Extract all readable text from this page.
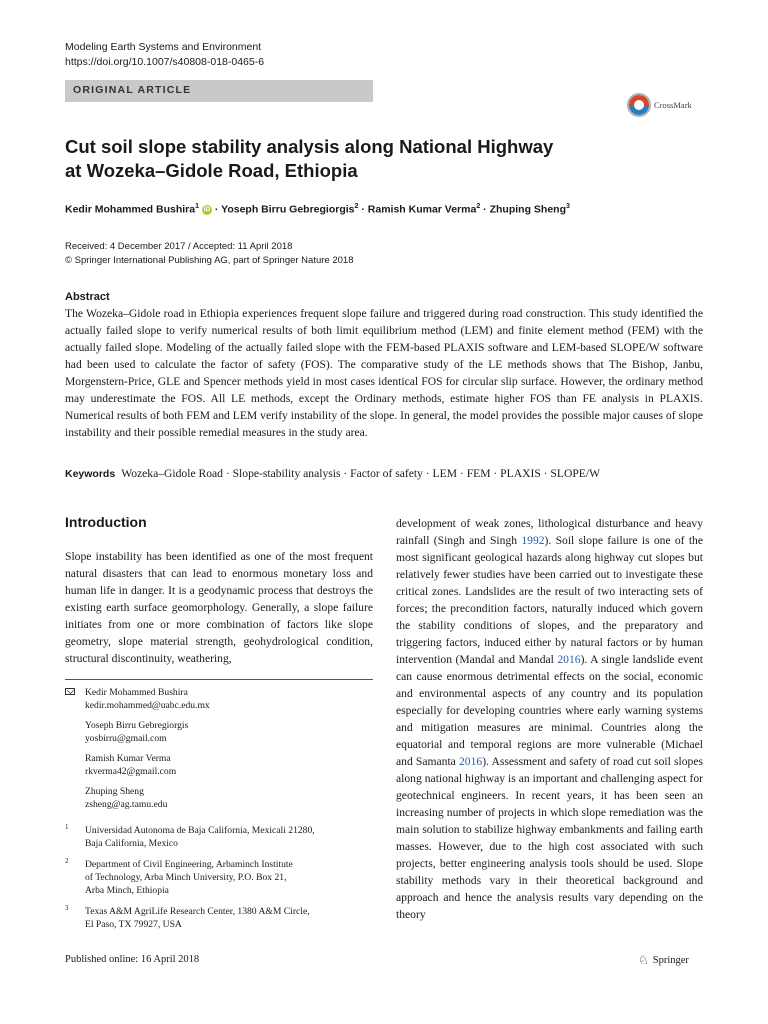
Modeling Earth Systems and Environment
https://doi.org/10.1007/s40808-018-0465-6
ORIGINAL ARTICLE
CrossMark
Cut soil slope stability analysis along National Highway
at Wozeka–Gidole Road, Ethiopia
Kedir Mohammed Bushira$^1$ iD · Yoseph Birru Gebregiorgis$^2$ · Ramish Kumar Verma$^2$ · Zhuping Sheng$^3$
Received: 4 December 2017 / Accepted: 11 April 2018
© Springer International Publishing AG, part of Springer Nature 2018
Abstract
The Wozeka–Gidole road in Ethiopia experiences frequent slope failure and triggered during road construction. This study identified the actually failed slope to verify numerical results of both limit equilibrium method (LEM) and finite element method (FEM) with the actually failed slope. Modeling of the actually failed slope with the FEM-based PLAXIS software and LEM-based SLOPE/W software had been used to calculate the factor of safety (FOS). The comparative study of the LE methods shows that The Bishop, Janbu, Morgenstern-Price, GLE and Spencer methods yield in most cases identical FOS for circular slip surface. However, the ordinary method may underestimate the FOS. All LE methods, except the Ordinary methods, estimate higher FOS than FE analysis in PLAXIS. Numerical results of both FEM and LEM verify instability of the slope. In general, the model provides the possible major causes of slope instability and their possible remedial measures in the study area.
Keywords Wozeka–Gidole Road · Slope-stability analysis · Factor of safety · LEM · FEM · PLAXIS · SLOPE/W
Introduction
Slope instability has been identified as one of the most frequent natural disasters that can lead to enormous monetary loss and human life in danger. It is a geodynamic process that destroys the existing earth surface geomorphology. Generally, a slope failure initiates from one or more combination of factors like slope geometry, slope material strength, geohydrological condition, structural discontinuity, weathering,
development of weak zones, lithological disturbance and heavy rainfall (Singh and Singh 1992). Soil slope failure is one of the most significant geological hazards along highway cut slopes but relatively fewer studies have been carried out to investigate these critical zones. Landslides are the result of two interacting sets of forces; the precondition factors, naturally induced which govern the stability conditions of slopes, and the preparatory and triggering factors, induced either by natural factors or by human intervention (Mandal and Mandal 2016). A single landslide event can cause enormous detrimental effects on the social, economic and environmental aspects of any country and its population especially for developing countries where early warning systems and mitigation measures are minimal. Countries along the equatorial and temporal regions are more vulnerable (Michael and Samanta 2016). Assessment and safety of road cut soil slopes along national highway is an important and challenging aspect for geotechnical engineers. In recent years, it has been seen an increasing number of projects in which slope remediation was the main solution to stabilize highway embankments and failing earth masses. However, due to the high cost associated with such projects, better engineering analysis tools should be used. Slope stability methods vary in their theoretical background and approach and hence the analysis results vary depending on the theory
Kedir Mohammed Bushira
kedir.mohammed@uabc.edu.mx
Yoseph Birru Gebregiorgis
yosbirru@gmail.com
Ramish Kumar Verma
rkverma42@gmail.com
Zhuping Sheng
zsheng@ag.tamu.edu
1 Universidad Autonoma de Baja California, Mexicali 21280,
Baja California, Mexico
2 Department of Civil Engineering, Arbaminch Institute
of Technology, Arba Minch University, P.O. Box 21,
Arba Minch, Ethiopia
3 Texas A&M AgriLife Research Center, 1380 A&M Circle,
El Paso, TX 79927, USA
Published online: 16 April 2018	♘ Springer
